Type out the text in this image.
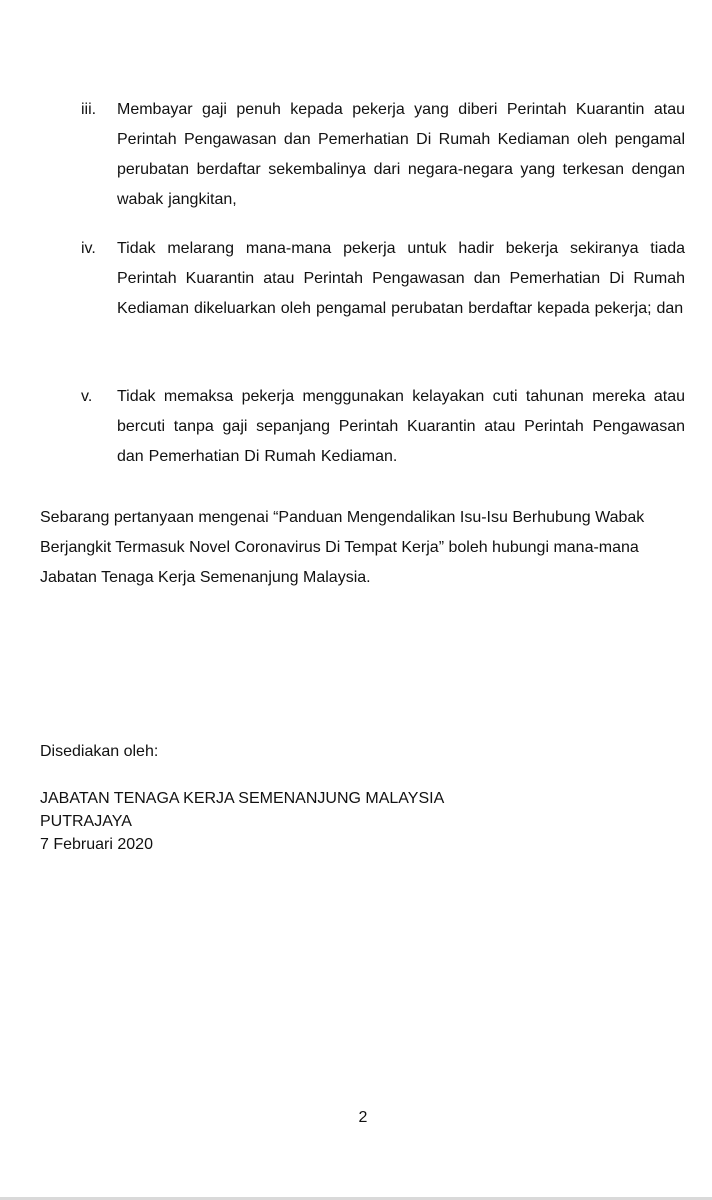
iii. Membayar gaji penuh kepada pekerja yang diberi Perintah Kuarantin atau Perintah Pengawasan dan Pemerhatian Di Rumah Kediaman oleh pengamal perubatan berdaftar sekembalinya dari negara-negara yang terkesan dengan wabak jangkitan,
iv. Tidak melarang mana-mana pekerja untuk hadir bekerja sekiranya tiada Perintah Kuarantin atau Perintah Pengawasan dan Pemerhatian Di Rumah Kediaman dikeluarkan oleh pengamal perubatan berdaftar kepada pekerja; dan
v. Tidak memaksa pekerja menggunakan kelayakan cuti tahunan mereka atau bercuti tanpa gaji sepanjang Perintah Kuarantin atau Perintah Pengawasan dan Pemerhatian Di Rumah Kediaman.
Sebarang pertanyaan mengenai “Panduan Mengendalikan Isu-Isu Berhubung Wabak Berjangkit Termasuk Novel Coronavirus Di Tempat Kerja” boleh hubungi mana-mana Jabatan Tenaga Kerja Semenanjung Malaysia.
Disediakan oleh:
JABATAN TENAGA KERJA SEMENANJUNG MALAYSIA
PUTRAJAYA
7 Februari 2020
2
